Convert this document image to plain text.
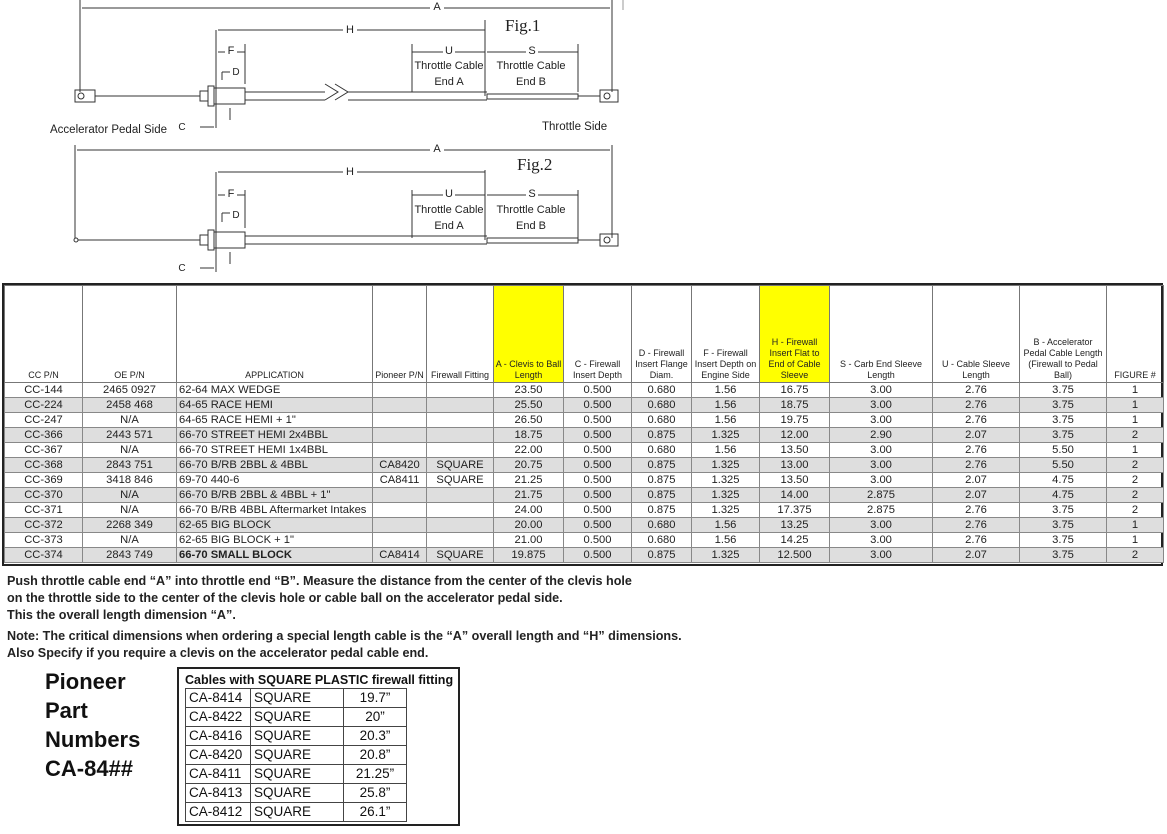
A
Fig.1
H
F	U	S
D
Throttle Cable
End A
Throttle Cable
End B
C
Accelerator Pedal Side	Throttle Side
A
Fig.2
H
F	U	S
D	Throttle Cable
End A
Throttle Cable
End B
C
CC P/N	OE P/N	APPLICATION	Pioneer P/N	Firewall Fitting	A - Clevis to Ball Length	C - Firewall Insert Depth	D - Firewall Insert Flange Diam.	F - Firewall Insert Depth on Engine Side	H - Firewall Insert Flat to End of Cable Sleeve	S - Carb End Sleeve Length	U - Cable Sleeve Length	B - Accelerator Pedal Cable Length (Firewall to Pedal Ball)	FIGURE #
CC-144	2465 0927	62-64 MAX WEDGE			23.50	0.500	0.680	1.56	16.75	3.00	2.76	3.75	1
CC-224	2458 468	64-65 RACE HEMI			25.50	0.500	0.680	1.56	18.75	3.00	2.76	3.75	1
CC-247	N/A	64-65 RACE HEMI + 1"			26.50	0.500	0.680	1.56	19.75	3.00	2.76	3.75	1
CC-366	2443 571	66-70 STREET HEMI 2x4BBL			18.75	0.500	0.875	1.325	12.00	2.90	2.07	3.75	2
CC-367	N/A	66-70 STREET HEMI 1x4BBL			22.00	0.500	0.680	1.56	13.50	3.00	2.76	5.50	1
CC-368	2843 751	66-70 B/RB 2BBL & 4BBL	CA8420	SQUARE	20.75	0.500	0.875	1.325	13.00	3.00	2.76	5.50	2
CC-369	3418 846	69-70 440-6	CA8411	SQUARE	21.25	0.500	0.875	1.325	13.50	3.00	2.07	4.75	2
CC-370	N/A	66-70 B/RB 2BBL & 4BBL + 1"			21.75	0.500	0.875	1.325	14.00	2.875	2.07	4.75	2
CC-371	N/A	66-70 B/RB 4BBL Aftermarket Intakes			24.00	0.500	0.875	1.325	17.375	2.875	2.76	3.75	2
CC-372	2268 349	62-65 BIG BLOCK			20.00	0.500	0.680	1.56	13.25	3.00	2.76	3.75	1
CC-373	N/A	62-65 BIG BLOCK + 1"			21.00	0.500	0.680	1.56	14.25	3.00	2.76	3.75	1
CC-374	2843 749	66-70 SMALL BLOCK	CA8414	SQUARE	19.875	0.500	0.875	1.325	12.500	3.00	2.07	3.75	2

Push throttle cable end “A” into throttle end “B”. Measure the distance from the center of the clevis hole

on the throttle side to the center of the clevis hole or cable ball on the accelerator pedal side.

This the overall length dimension “A”.

Note: The critical dimensions when ordering a special length cable is the “A” overall length and “H” dimensions.

Also Specify if you require a clevis on the accelerator pedal cable end.

Pioneer
Part
Numbers
CA-84##
Cables with SQUARE PLASTIC firewall fitting
CA-8414	SQUARE	19.7”
CA-8422	SQUARE	20”
CA-8416	SQUARE	20.3”
CA-8420	SQUARE	20.8”
CA-8411	SQUARE	21.25”
CA-8413	SQUARE	25.8”
CA-8412	SQUARE	26.1”
